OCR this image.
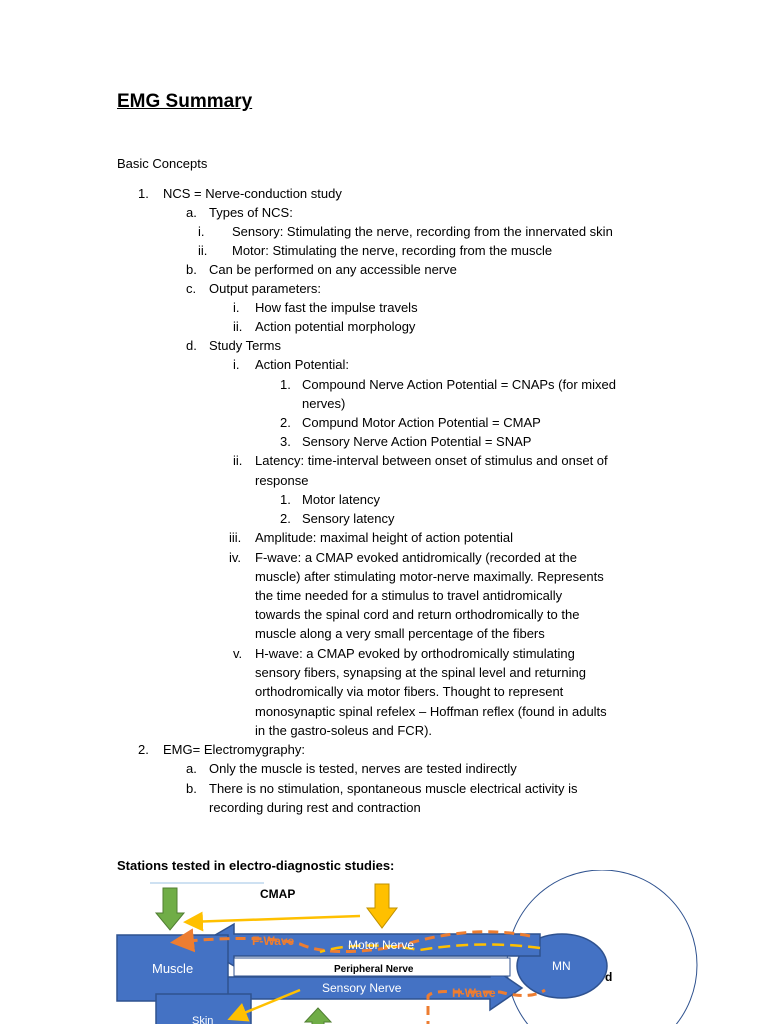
EMG Summary
Basic Concepts
1. NCS = Nerve-conduction study
a. Types of NCS:
i. Sensory: Stimulating the nerve, recording from the innervated skin
ii. Motor: Stimulating the nerve, recording from the muscle
b. Can be performed on any accessible nerve
c. Output parameters:
i. How fast the impulse travels
ii. Action potential morphology
d. Study Terms
i. Action Potential:
1. Compound Nerve Action Potential = CNAPs (for mixed
nerves)
2. Compund Motor Action Potential = CMAP
3. Sensory Nerve Action Potential = SNAP
ii. Latency: time-interval between onset of stimulus and onset of
response
1. Motor latency
2. Sensory latency
iii. Amplitude: maximal height of action potential
iv. F-wave: a CMAP evoked antidromically (recorded at the
muscle) after stimulating motor-nerve maximally. Represents
the time needed for a stimulus to travel antidromically
towards the spinal cord and return orthodromically to the
muscle along a very small percentage of the fibers
v. H-wave: a CMAP evoked by orthodromically stimulating
sensory fibers, synapsing at the spinal level and returning
orthodromically via motor fibers. Thought to represent
monosynaptic spinal refelex – Hoffman reflex (found in adults
in the gastro-soleus and FCR).
2. EMG= Electromygraphy:
a. Only the muscle is tested, nerves are tested indirectly
b. There is no stimulation, spontaneous muscle electrical activity is
recording during rest and contraction
Stations tested in electro-diagnostic studies:
CMAP
Muscle
Skin
Motor Nerve
F-Wave
Peripheral Nerve
Sensory Nerve	H-Wave
MN
d
